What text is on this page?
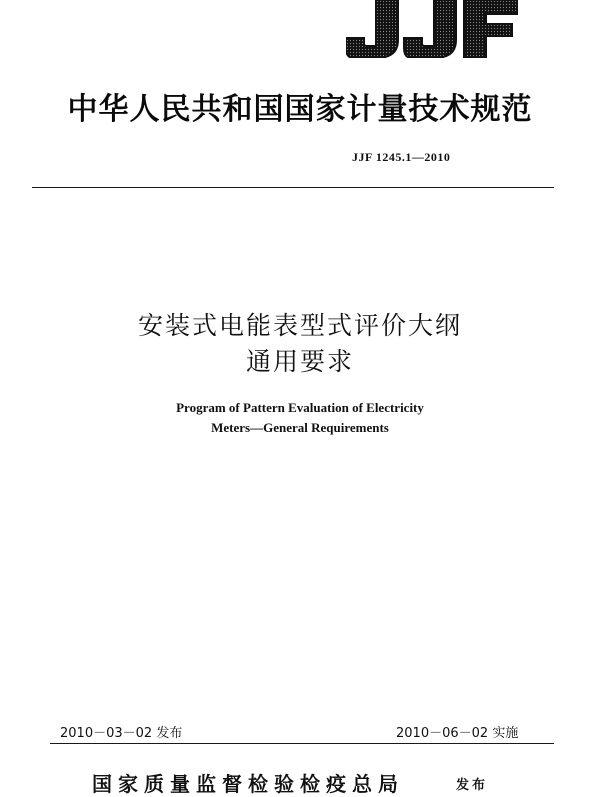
中华人民共和国国家计量技术规范
JJF 1245.1—2010
安装式电能表型式评价大纲
通用要求
Program of Pattern Evaluation of Electricity
Meters—General Requirements
2010－03－02 发布	2010－06－02 实施
国家质量监督检验检疫总局	发布
